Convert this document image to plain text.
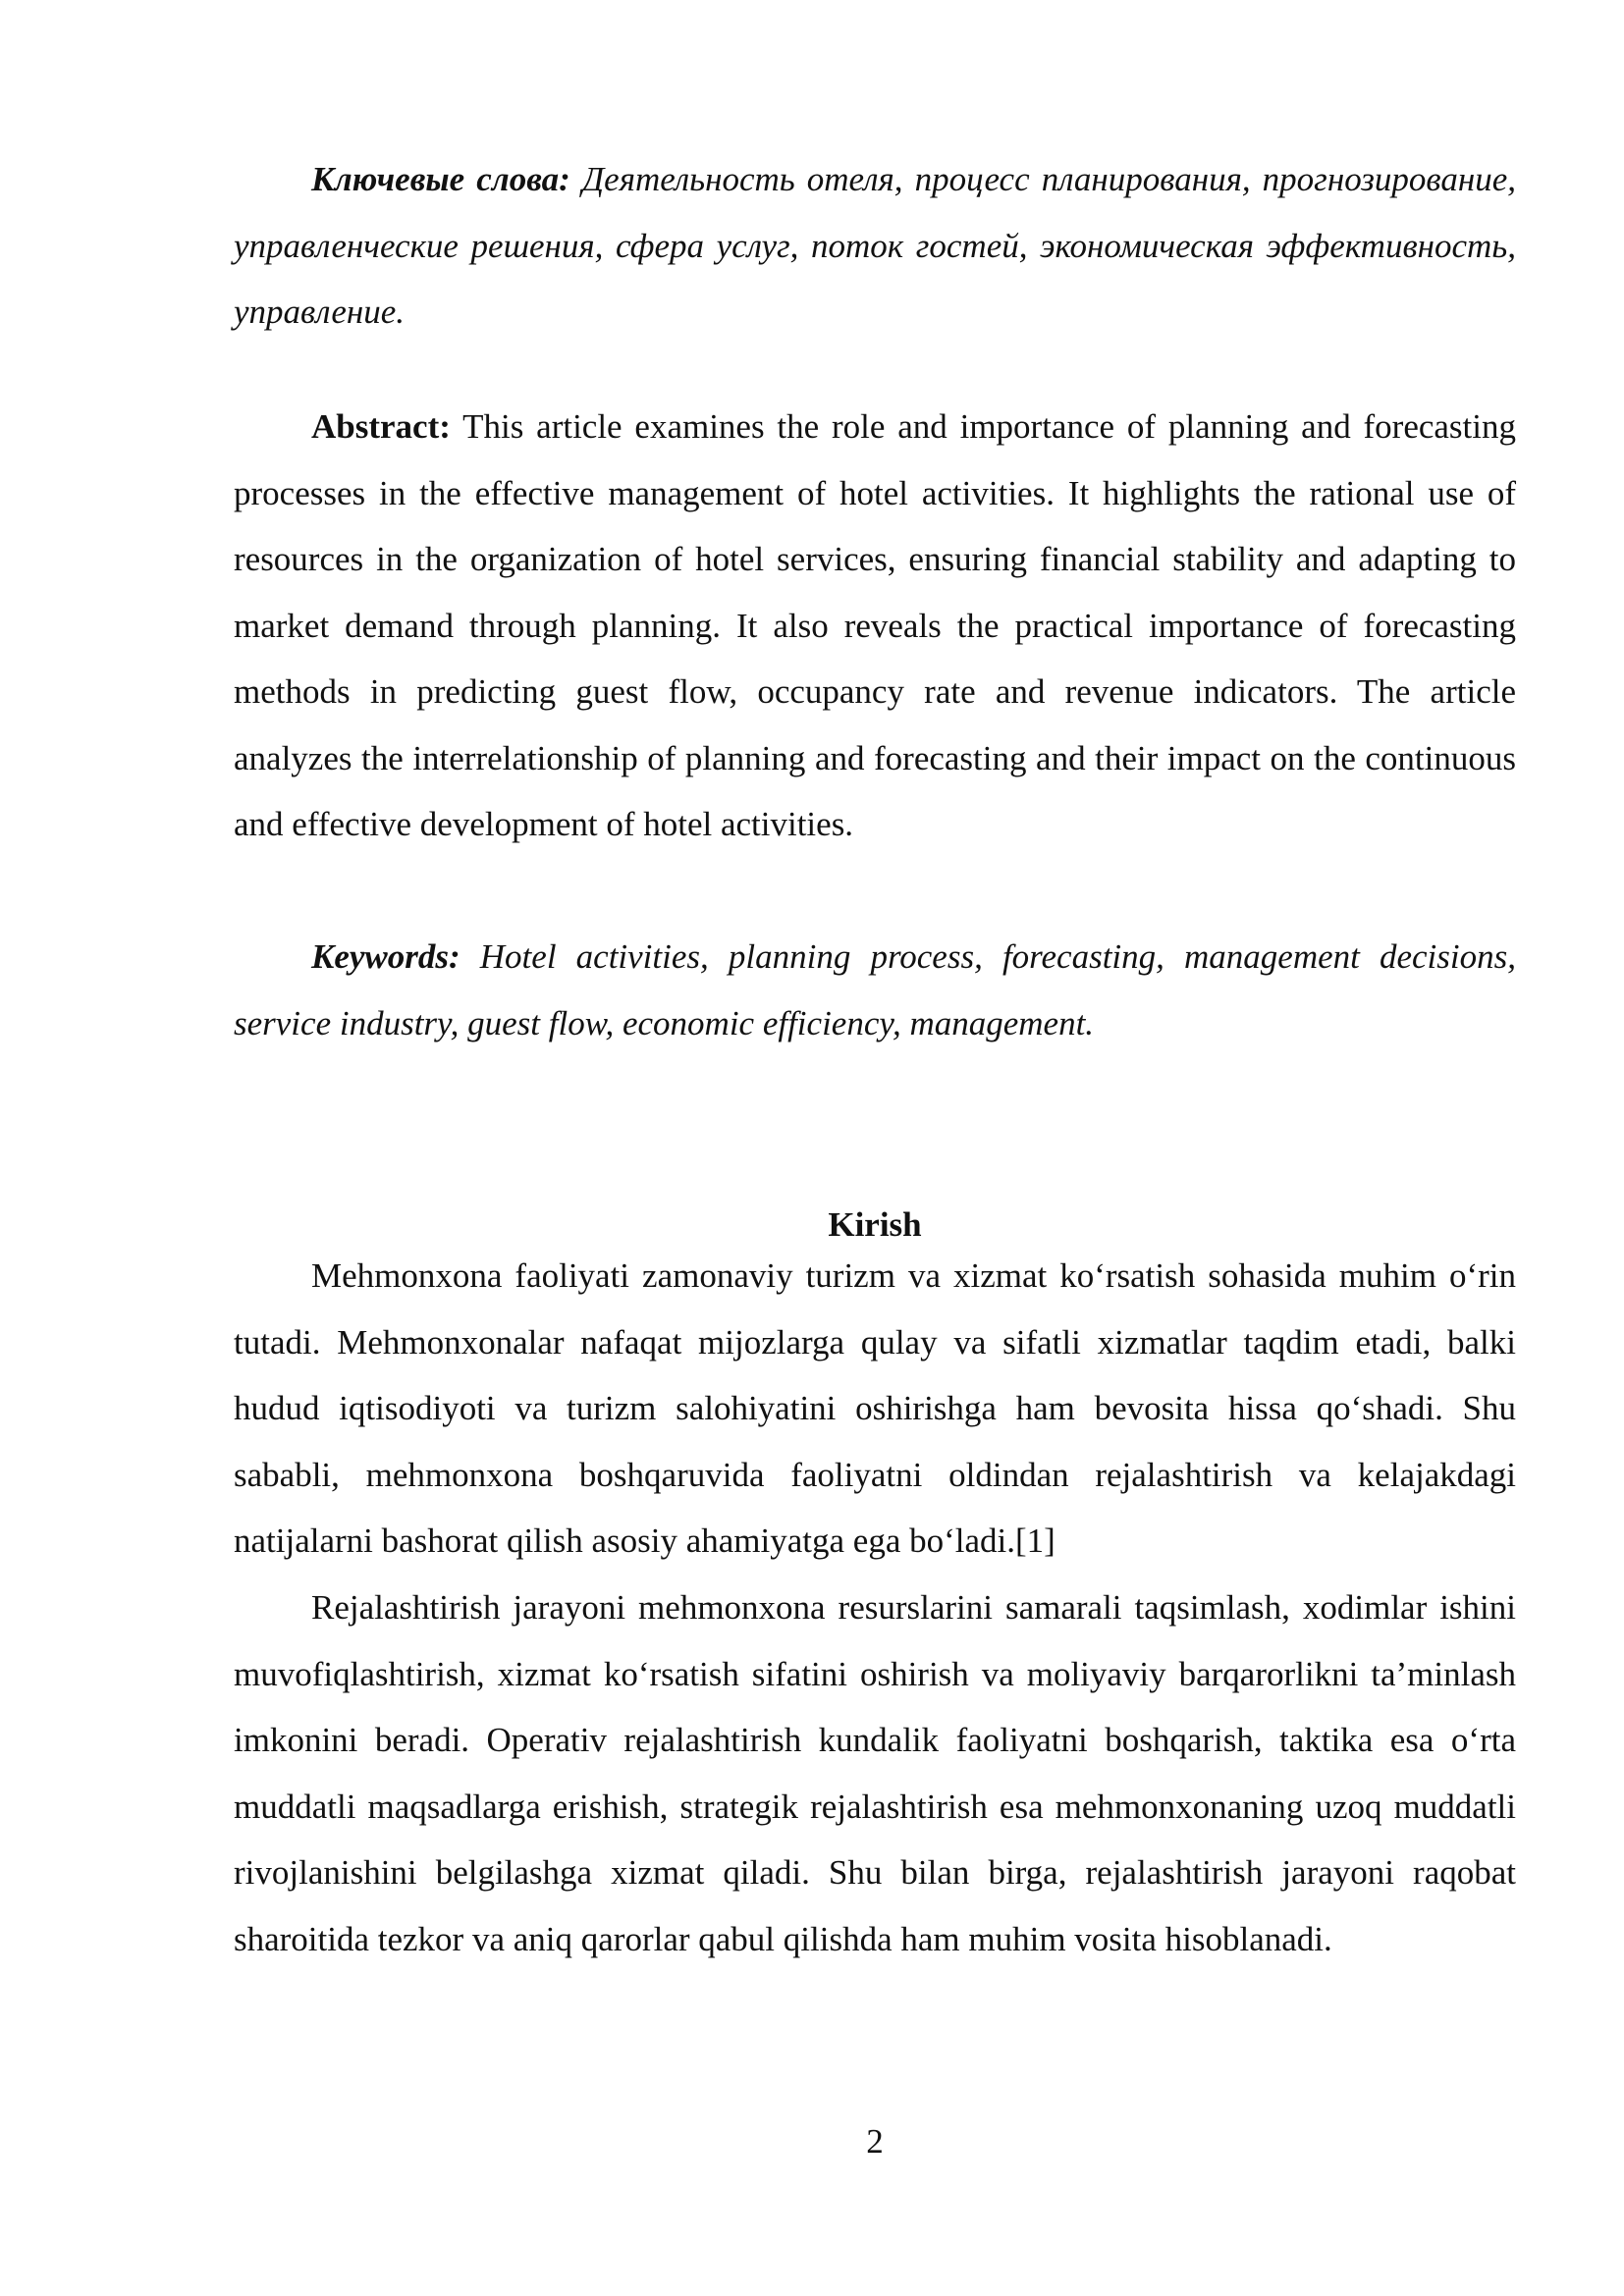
Ключевые слова: Деятельность отеля, процесс планирования, прогнозирование, управленческие решения, сфера услуг, поток гостей, экономическая эффективность, управление.

Abstract: This article examines the role and importance of planning and forecasting processes in the effective management of hotel activities. It highlights the rational use of resources in the organization of hotel services, ensuring financial stability and adapting to market demand through planning. It also reveals the practical importance of forecasting methods in predicting guest flow, occupancy rate and revenue indicators. The article analyzes the interrelationship of planning and forecasting and their impact on the continuous and effective development of hotel activities.

Keywords: Hotel activities, planning process, forecasting, management decisions, service industry, guest flow, economic efficiency, management.

Kirish

Mehmonxona faoliyati zamonaviy turizm va xizmat ko‘rsatish sohasida muhim o‘rin tutadi. Mehmonxonalar nafaqat mijozlarga qulay va sifatli xizmatlar taqdim etadi, balki hudud iqtisodiyoti va turizm salohiyatini oshirishga ham bevosita hissa qo‘shadi. Shu sababli, mehmonxona boshqaruvida faoliyatni oldindan rejalashtirish va kelajakdagi natijalarni bashorat qilish asosiy ahamiyatga ega bo‘ladi.[1]

Rejalashtirish jarayoni mehmonxona resurslarini samarali taqsimlash, xodimlar ishini muvofiqlashtirish, xizmat ko‘rsatish sifatini oshirish va moliyaviy barqarorlikni ta’minlash imkonini beradi. Operativ rejalashtirish kundalik faoliyatni boshqarish, taktika esa o‘rta muddatli maqsadlarga erishish, strategik rejalashtirish esa mehmonxonaning uzoq muddatli rivojlanishini belgilashga xizmat qiladi. Shu bilan birga, rejalashtirish jarayoni raqobat sharoitida tezkor va aniq qarorlar qabul qilishda ham muhim vosita hisoblanadi.

2
